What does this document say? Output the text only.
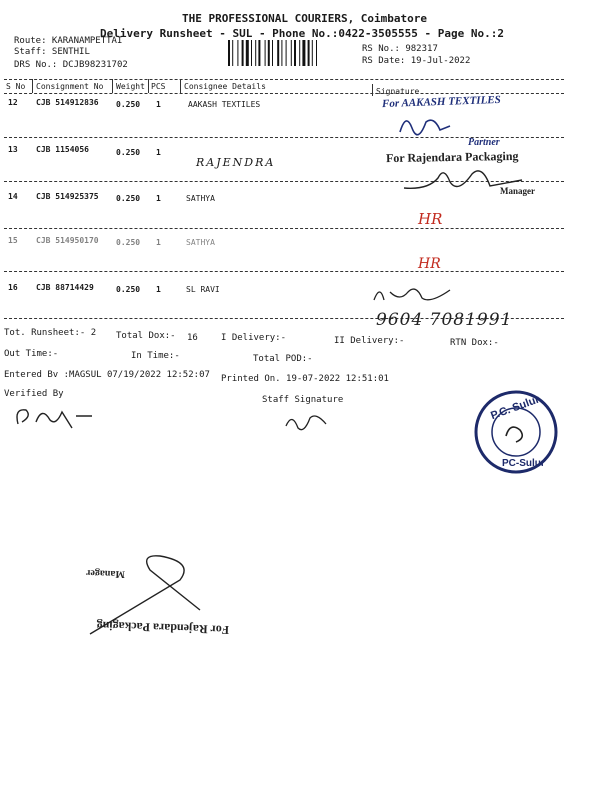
THE PROFESSIONAL COURIERS, Coimbatore
Delivery Runsheet - SUL - Phone No.:0422-3505555 - Page No.:2
Route: KARANAMPETTAI
Staff: SENTHIL
DRS No.: DCJB98231702
RS No.: 982317
RS Date: 19-Jul-2022
S No Consignment No Weight PCS Consignee Details
Signature
12 CJB 514912836 0.250 1	AAKASH TEXTILES
13 CJB 1154056	0.250 1
RAJENDRA
14 CJB 514925375 0.250 1	SATHYA
15 CJB 514950170 0.250 1	SATHYA
16 CJB 88714429	0.250 1	SL RAVI
For AAKASH TEXTILES
Partner
For Rajendara Packaging
Manager
HR
HR
9604 7081991
Tot. Runsheet:- 2 Total Dox:- 16	I Delivery:-	II Delivery:-	RTN Dox:-
Out Time:-	In Time:-	Total POD:-
Entered Bv :MAGSUL 07/19/2022 12:52:07 Printed On. 19-07-2022 12:51:01
Verified By
Staff Signature	P.C. Sulur
PC-Sulur
For Rajendara Packaging
Manager
